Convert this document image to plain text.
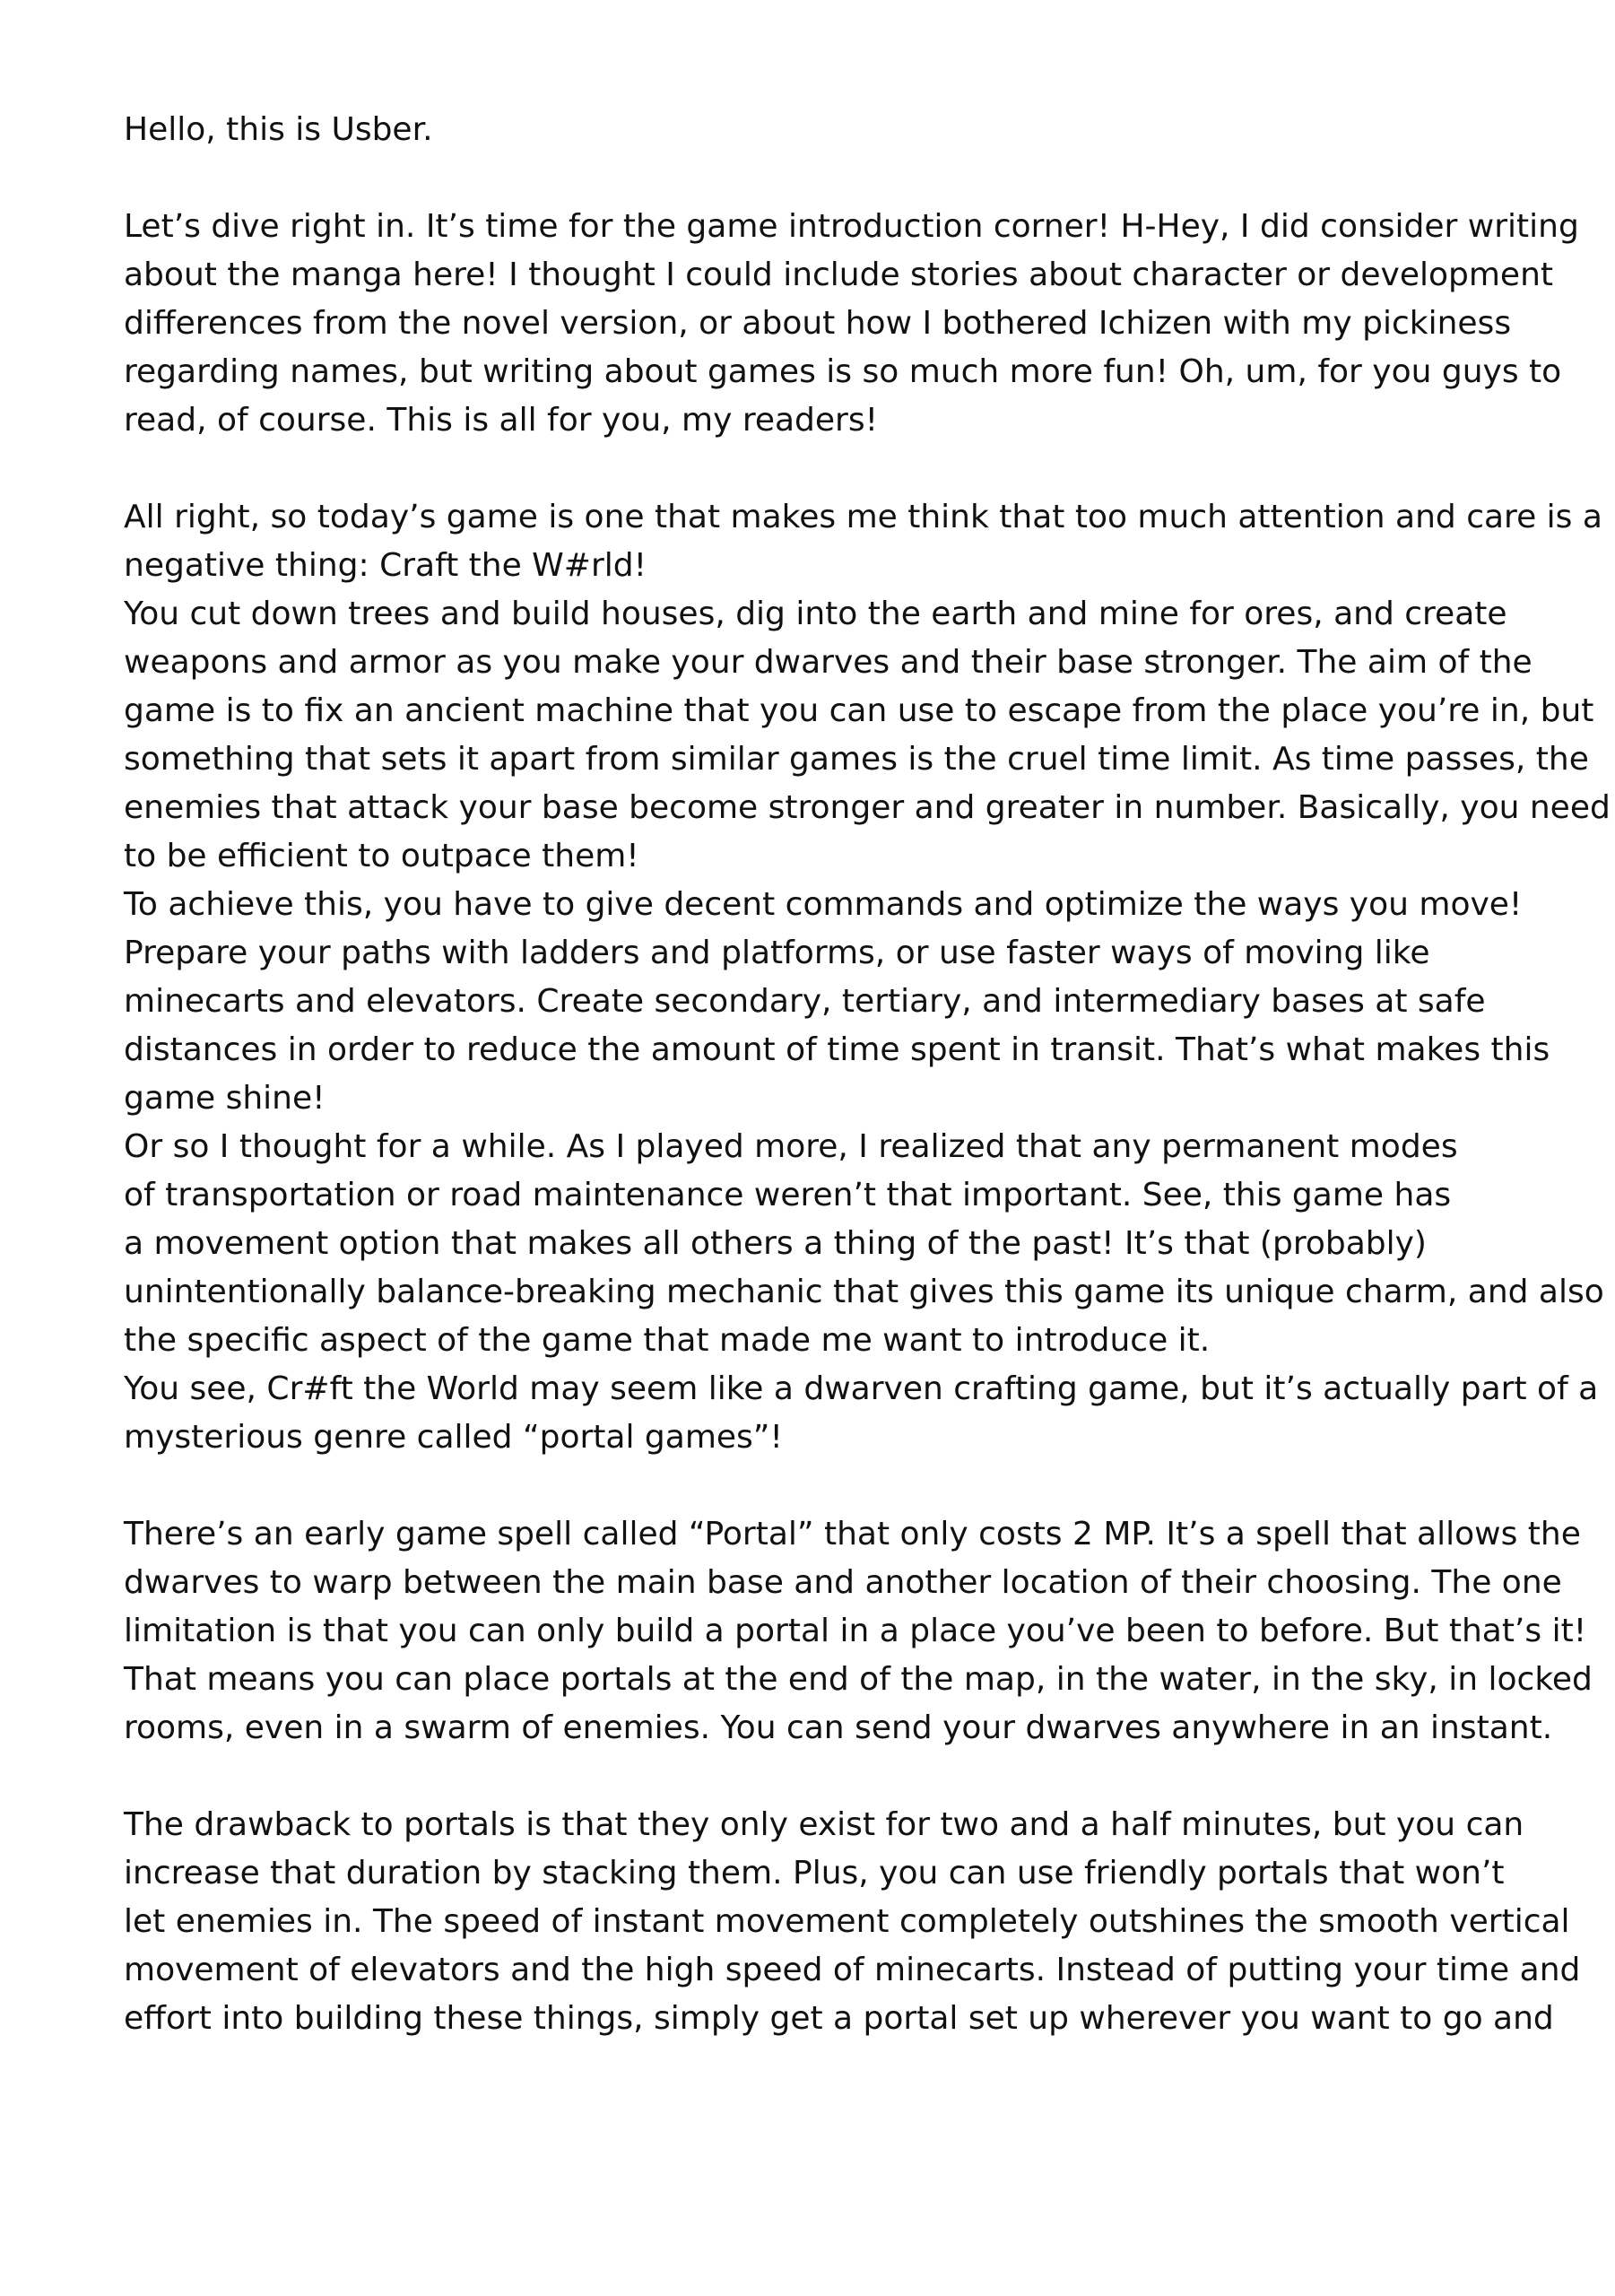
Hello, this is Usber.
Let’s dive right in. It’s time for the game introduction corner! H-Hey, I did consider writing
about the manga here! I thought I could include stories about character or development
differences from the novel version, or about how I bothered Ichizen with my pickiness
regarding names, but writing about games is so much more fun! Oh, um, for you guys to
read, of course. This is all for you, my readers!
All right, so today’s game is one that makes me think that too much attention and care is a
negative thing: Craft the W#rld!
You cut down trees and build houses, dig into the earth and mine for ores, and create
weapons and armor as you make your dwarves and their base stronger. The aim of the
game is to fix an ancient machine that you can use to escape from the place you’re in, but
something that sets it apart from similar games is the cruel time limit. As time passes, the
enemies that attack your base become stronger and greater in number. Basically, you need
to be efficient to outpace them!
To achieve this, you have to give decent commands and optimize the ways you move!
Prepare your paths with ladders and platforms, or use faster ways of moving like
minecarts and elevators. Create secondary, tertiary, and intermediary bases at safe
distances in order to reduce the amount of time spent in transit. That’s what makes this
game shine!
Or so I thought for a while. As I played more, I realized that any permanent modes
of transportation or road maintenance weren’t that important. See, this game has
a movement option that makes all others a thing of the past! It’s that (probably)
unintentionally balance-breaking mechanic that gives this game its unique charm, and also
the specific aspect of the game that made me want to introduce it.
You see, Cr#ft the World may seem like a dwarven crafting game, but it’s actually part of a
mysterious genre called “portal games”!
There’s an early game spell called “Portal” that only costs 2 MP. It’s a spell that allows the
dwarves to warp between the main base and another location of their choosing. The one
limitation is that you can only build a portal in a place you’ve been to before. But that’s it!
That means you can place portals at the end of the map, in the water, in the sky, in locked
rooms, even in a swarm of enemies. You can send your dwarves anywhere in an instant.
The drawback to portals is that they only exist for two and a half minutes, but you can
increase that duration by stacking them. Plus, you can use friendly portals that won’t
let enemies in. The speed of instant movement completely outshines the smooth vertical
movement of elevators and the high speed of minecarts. Instead of putting your time and
effort into building these things, simply get a portal set up wherever you want to go and
